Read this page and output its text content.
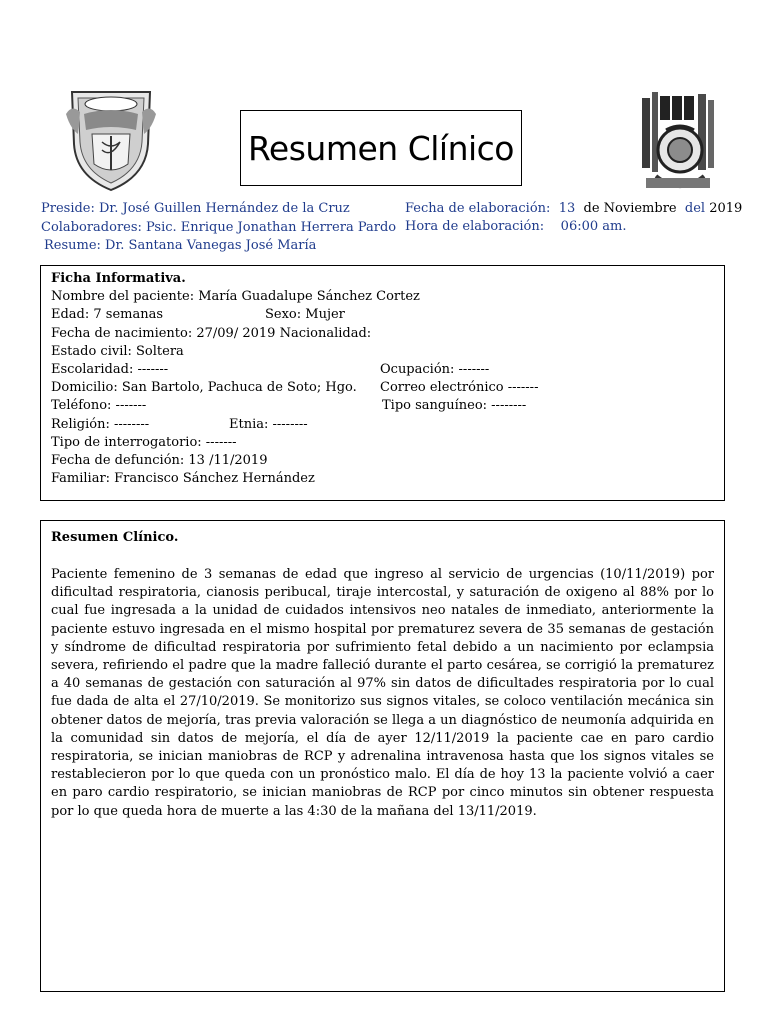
Resumen Clínico
Preside: Dr. José Guillen Hernández de la Cruz
Colaboradores: Psic. Enrique Jonathan Herrera Pardo
Resume: Dr. Santana Vanegas José María
Fecha de elaboración: 13 de Noviembre del 2019
Hora de elaboración: 06:00 am.
Ficha Informativa.
Nombre del paciente: María Guadalupe Sánchez Cortez
Edad: 7 semanas	Sexo: Mujer
Fecha de nacimiento: 27/09/ 2019 Nacionalidad:
Estado civil: Soltera
Escolaridad: -------	Ocupación: -------
Domicilio: San Bartolo, Pachuca de Soto; Hgo. Correo electrónico -------
Teléfono: -------	Tipo sanguíneo: --------
Religión: --------	Etnia: --------
Tipo de interrogatorio: -------
Fecha de defunción: 13 /11/2019
Familiar: Francisco Sánchez Hernández
Resumen Clínico.

Paciente femenino de 3 semanas de edad que ingreso al servicio de urgencias (10/11/2019) por dificultad respiratoria, cianosis peribucal, tiraje intercostal, y saturación de oxigeno al 88% por lo cual fue ingresada a la unidad de cuidados intensivos neo natales de inmediato, anteriormente la paciente estuvo ingresada en el mismo hospital por prematurez severa de 35 semanas de gestación y síndrome de dificultad respiratoria por sufrimiento fetal debido a un nacimiento por eclampsia severa, refiriendo el padre que la madre falleció durante el parto cesárea, se corrigió la prematurez a 40 semanas de gestación con saturación al 97% sin datos de dificultades respiratoria por lo cual fue dada de alta el 27/10/2019. Se monitorizo sus signos vitales, se coloco ventilación mecánica sin obtener datos de mejoría, tras previa valoración se llega a un diagnóstico de neumonía adquirida en la comunidad sin datos de mejoría, el día de ayer 12/11/2019 la paciente cae en paro cardio respiratoria, se inician maniobras de RCP y adrenalina intravenosa hasta que los signos vitales se restablecieron por lo que queda con un pronóstico malo. El día de hoy 13 la paciente volvió a caer en paro cardio respiratorio, se inician maniobras de RCP por cinco minutos sin obtener respuesta por lo que queda hora de muerte a las 4:30 de la mañana del 13/11/2019.
